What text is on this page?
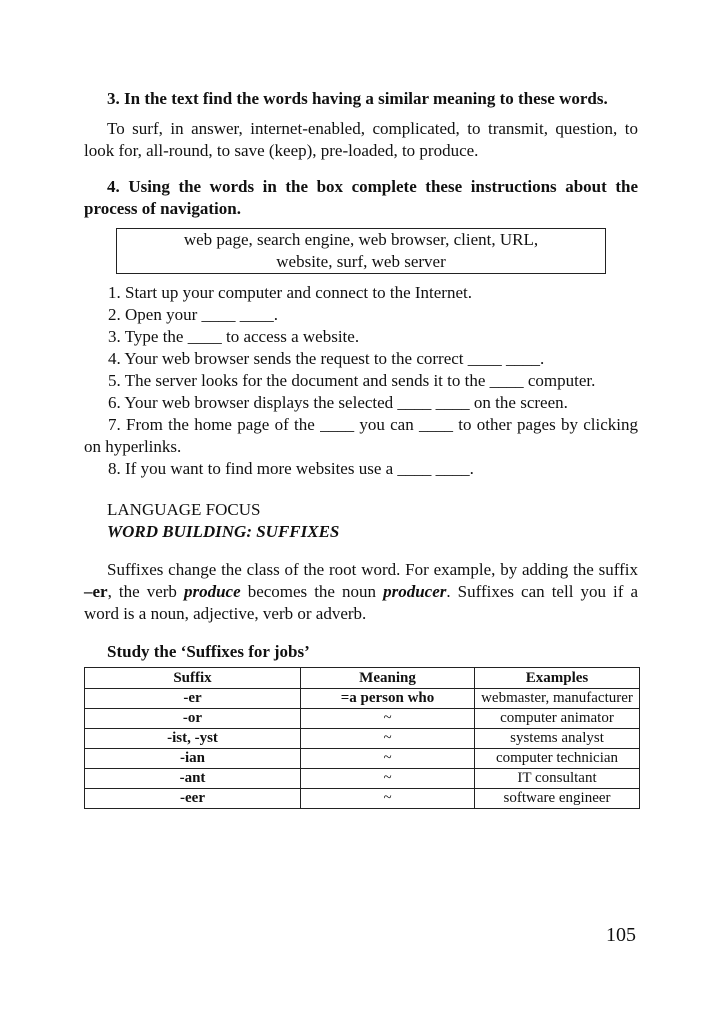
3. In the text find the words having a similar meaning to these words.

To surf, in answer, internet-enabled, complicated, to transmit, question, to look for, all-round, to save (keep), pre-loaded, to produce.

4. Using the words in the box complete these instructions about the process of navigation.

web page, search engine, web browser, client, URL,
website, surf, web server
1. Start up your computer and connect to the Internet.
2. Open your ____ ____.
3. Type the ____ to access a website.
4. Your web browser sends the request to the correct ____ ____.
5. The server looks for the document and sends it to the ____ computer.
6. Your web browser displays the selected ____ ____ on the screen.
7. From the home page of the ____ you can ____ to other pages by clicking on hyperlinks.
8. If you want to find more websites use a ____ ____.
LANGUAGE FOCUS
WORD BUILDING: SUFFIXES

Suffixes change the class of the root word. For example, by adding the suffix –er, the verb produce becomes the noun producer. Suffixes can tell you if a word is a noun, adjective, verb or adverb.

Study the ‘Suffixes for jobs’
Suffix	Meaning	Examples
-er	=a person who	webmaster, manufacturer
-or	~	computer animator
-ist, -yst	~	systems analyst
-ian	~	computer technician
-ant	~	IT consultant
-eer	~	software engineer
105
